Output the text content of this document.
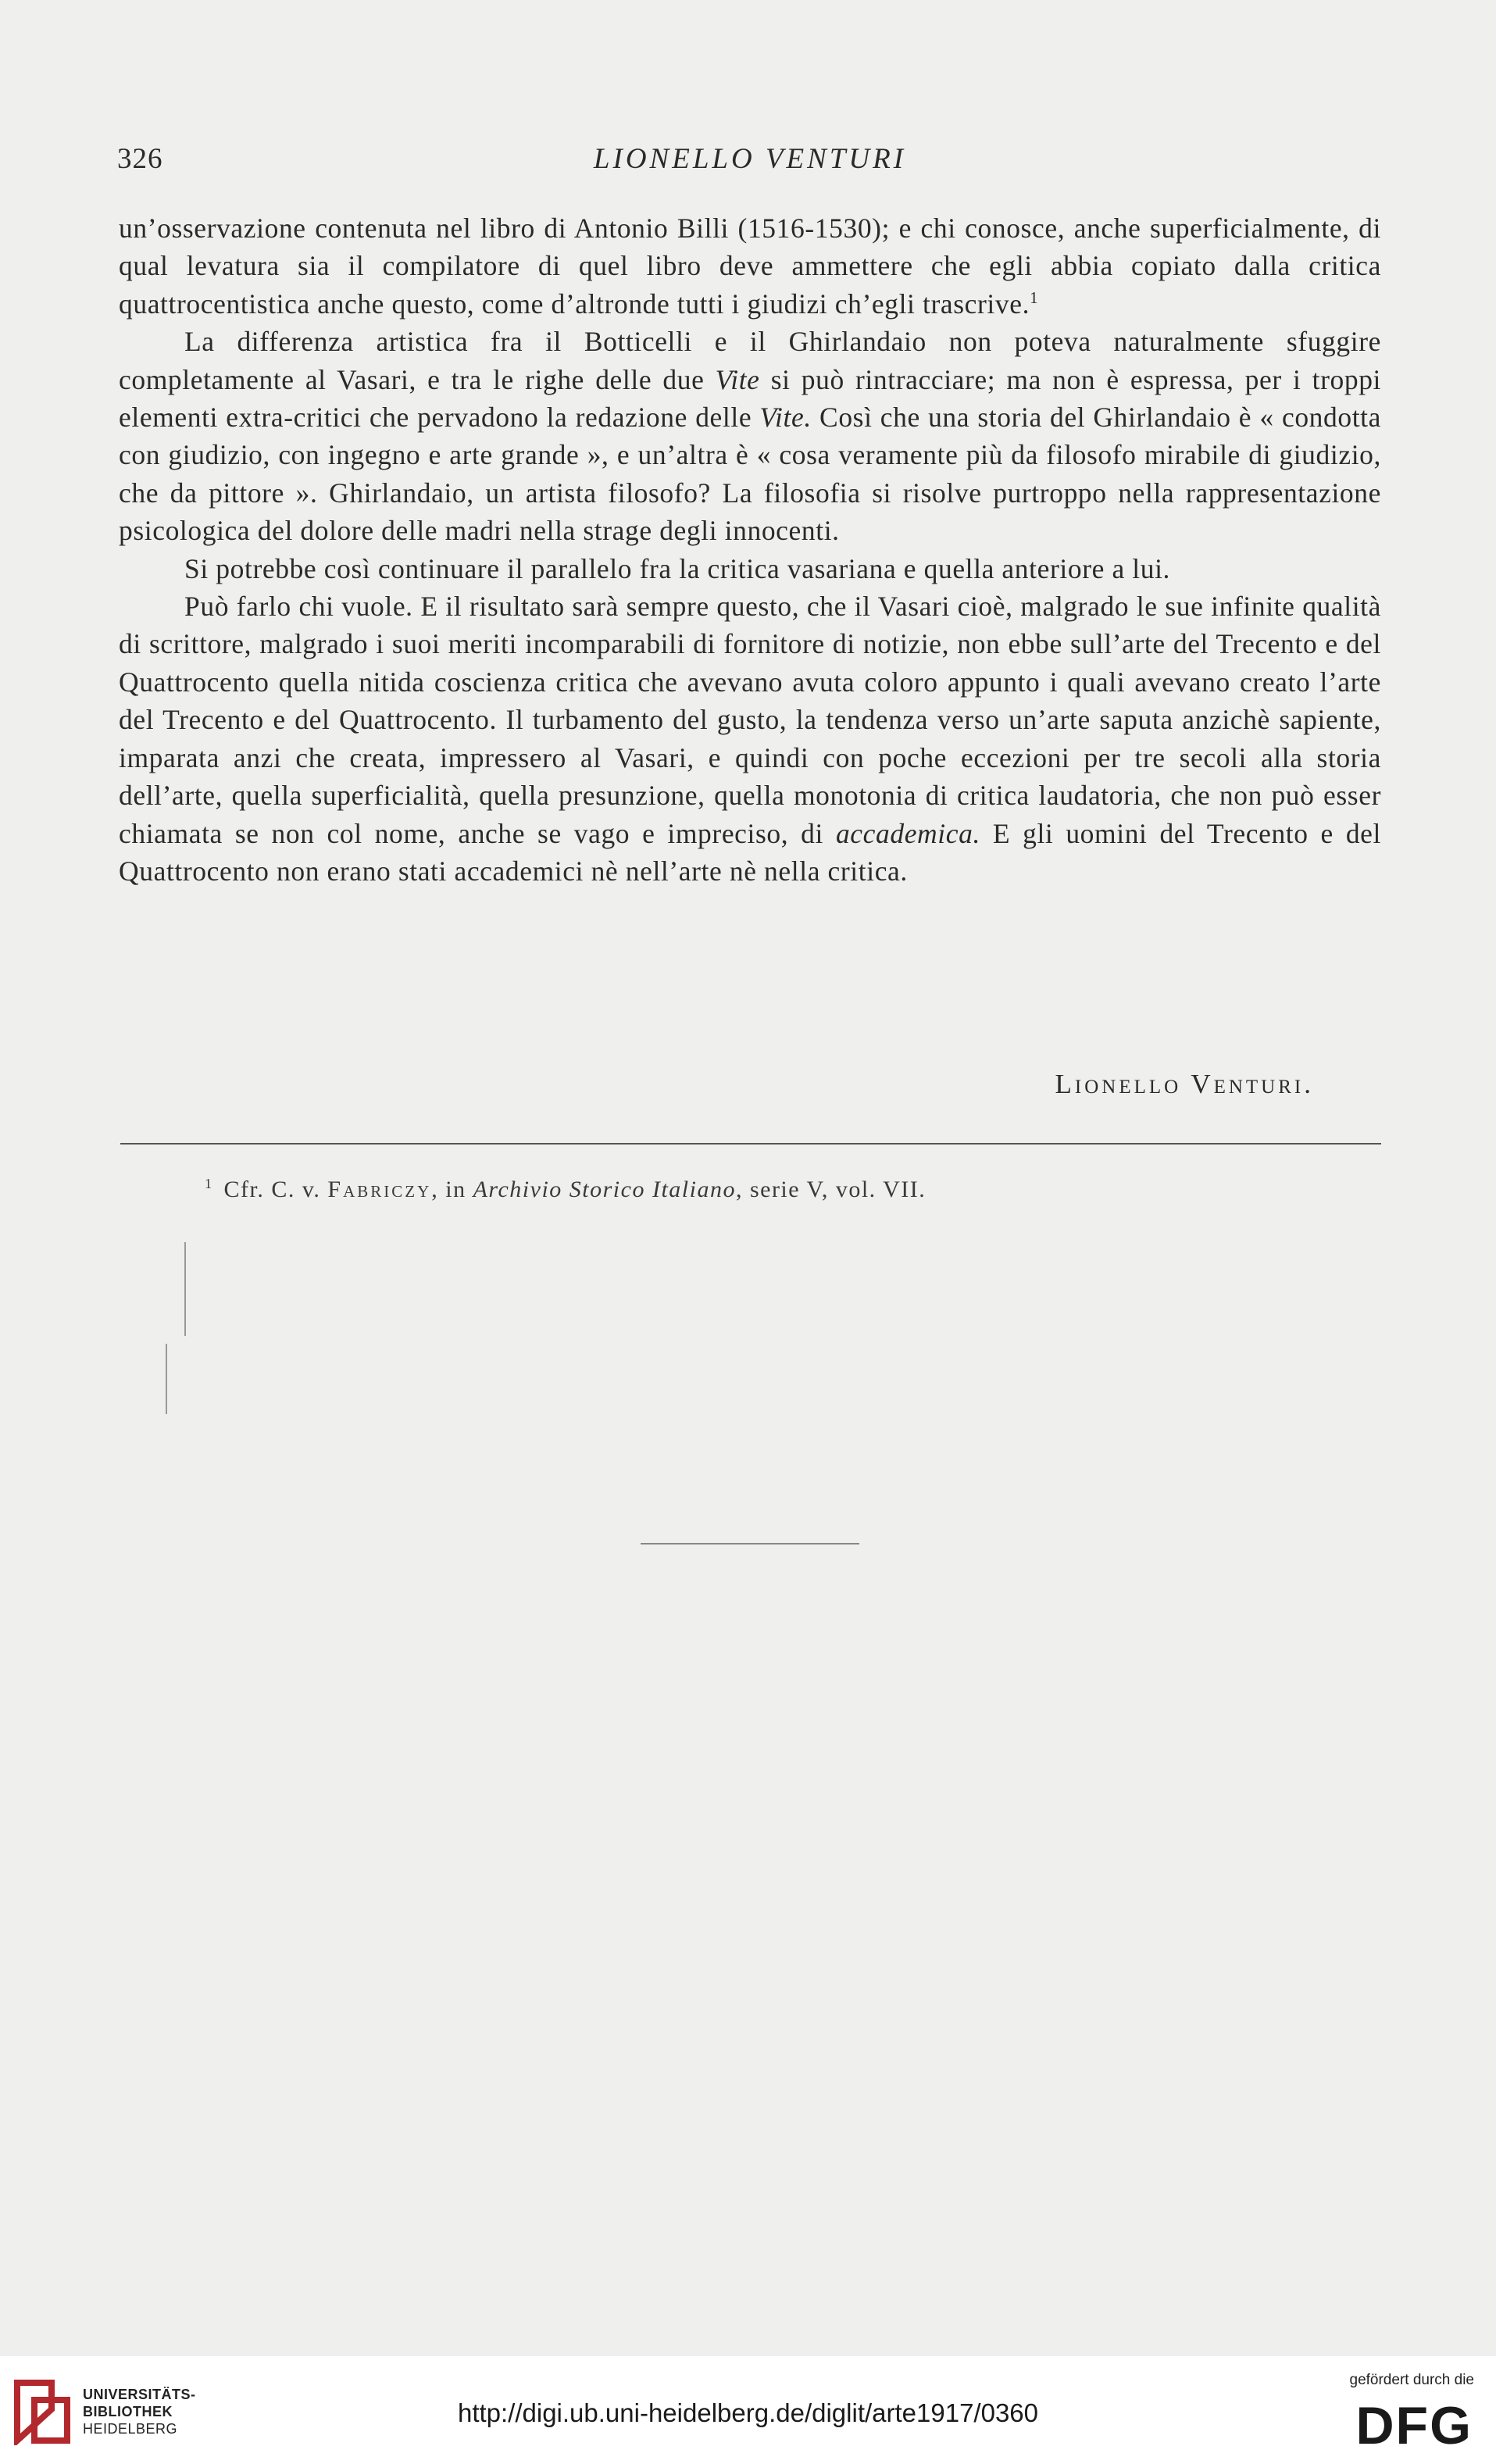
326	LIONELLO VENTURI

un’osservazione contenuta nel libro di Antonio Billi (1516-1530); e chi conosce, anche superficialmente, di qual levatura sia il compilatore di quel libro deve ammettere che egli abbia copiato dalla critica quattrocentistica anche questo, come d’altronde tutti i giudizi ch’egli trascrive.$^1$

La differenza artistica fra il Botticelli e il Ghirlandaio non poteva naturalmente sfuggire completamente al Vasari, e tra le righe delle due Vite si può rintracciare; ma non è espressa, per i troppi elementi extra-critici che pervadono la redazione delle Vite. Così che una storia del Ghirlandaio è « condotta con giudizio, con ingegno e arte grande », e un’altra è « cosa veramente più da filosofo mirabile di giudizio, che da pittore ». Ghirlandaio, un artista filosofo? La filosofia si risolve purtroppo nella rappresentazione psicologica del dolore delle madri nella strage degli innocenti.

Si potrebbe così continuare il parallelo fra la critica vasariana e quella anteriore a lui.

Può farlo chi vuole. E il risultato sarà sempre questo, che il Vasari cioè, malgrado le sue infinite qualità di scrittore, malgrado i suoi meriti incomparabili di fornitore di notizie, non ebbe sull’arte del Trecento e del Quattrocento quella nitida coscienza critica che avevano avuta coloro appunto i quali avevano creato l’arte del Trecento e del Quattrocento. Il turbamento del gusto, la tendenza verso un’arte saputa anzichè sapiente, imparata anzi che creata, impressero al Vasari, e quindi con poche eccezioni per tre secoli alla storia dell’arte, quella superficialità, quella presunzione, quella monotonia di critica laudatoria, che non può esser chiamata se non col nome, anche se vago e impreciso, di accademica. E gli uomini del Trecento e del Quattrocento non erano stati accademici nè nell’arte nè nella critica.

Lionello Venturi.
$^1$ Cfr. C. v. Fabriczy, in Archivio Storico Italiano, serie V, vol. VII.
UNIVERSITÄTS-
BIBLIOTHEK
HEIDELBERG
http://digi.ub.uni-heidelberg.de/diglit/arte1917/0360
gefördert durch die
DFG
